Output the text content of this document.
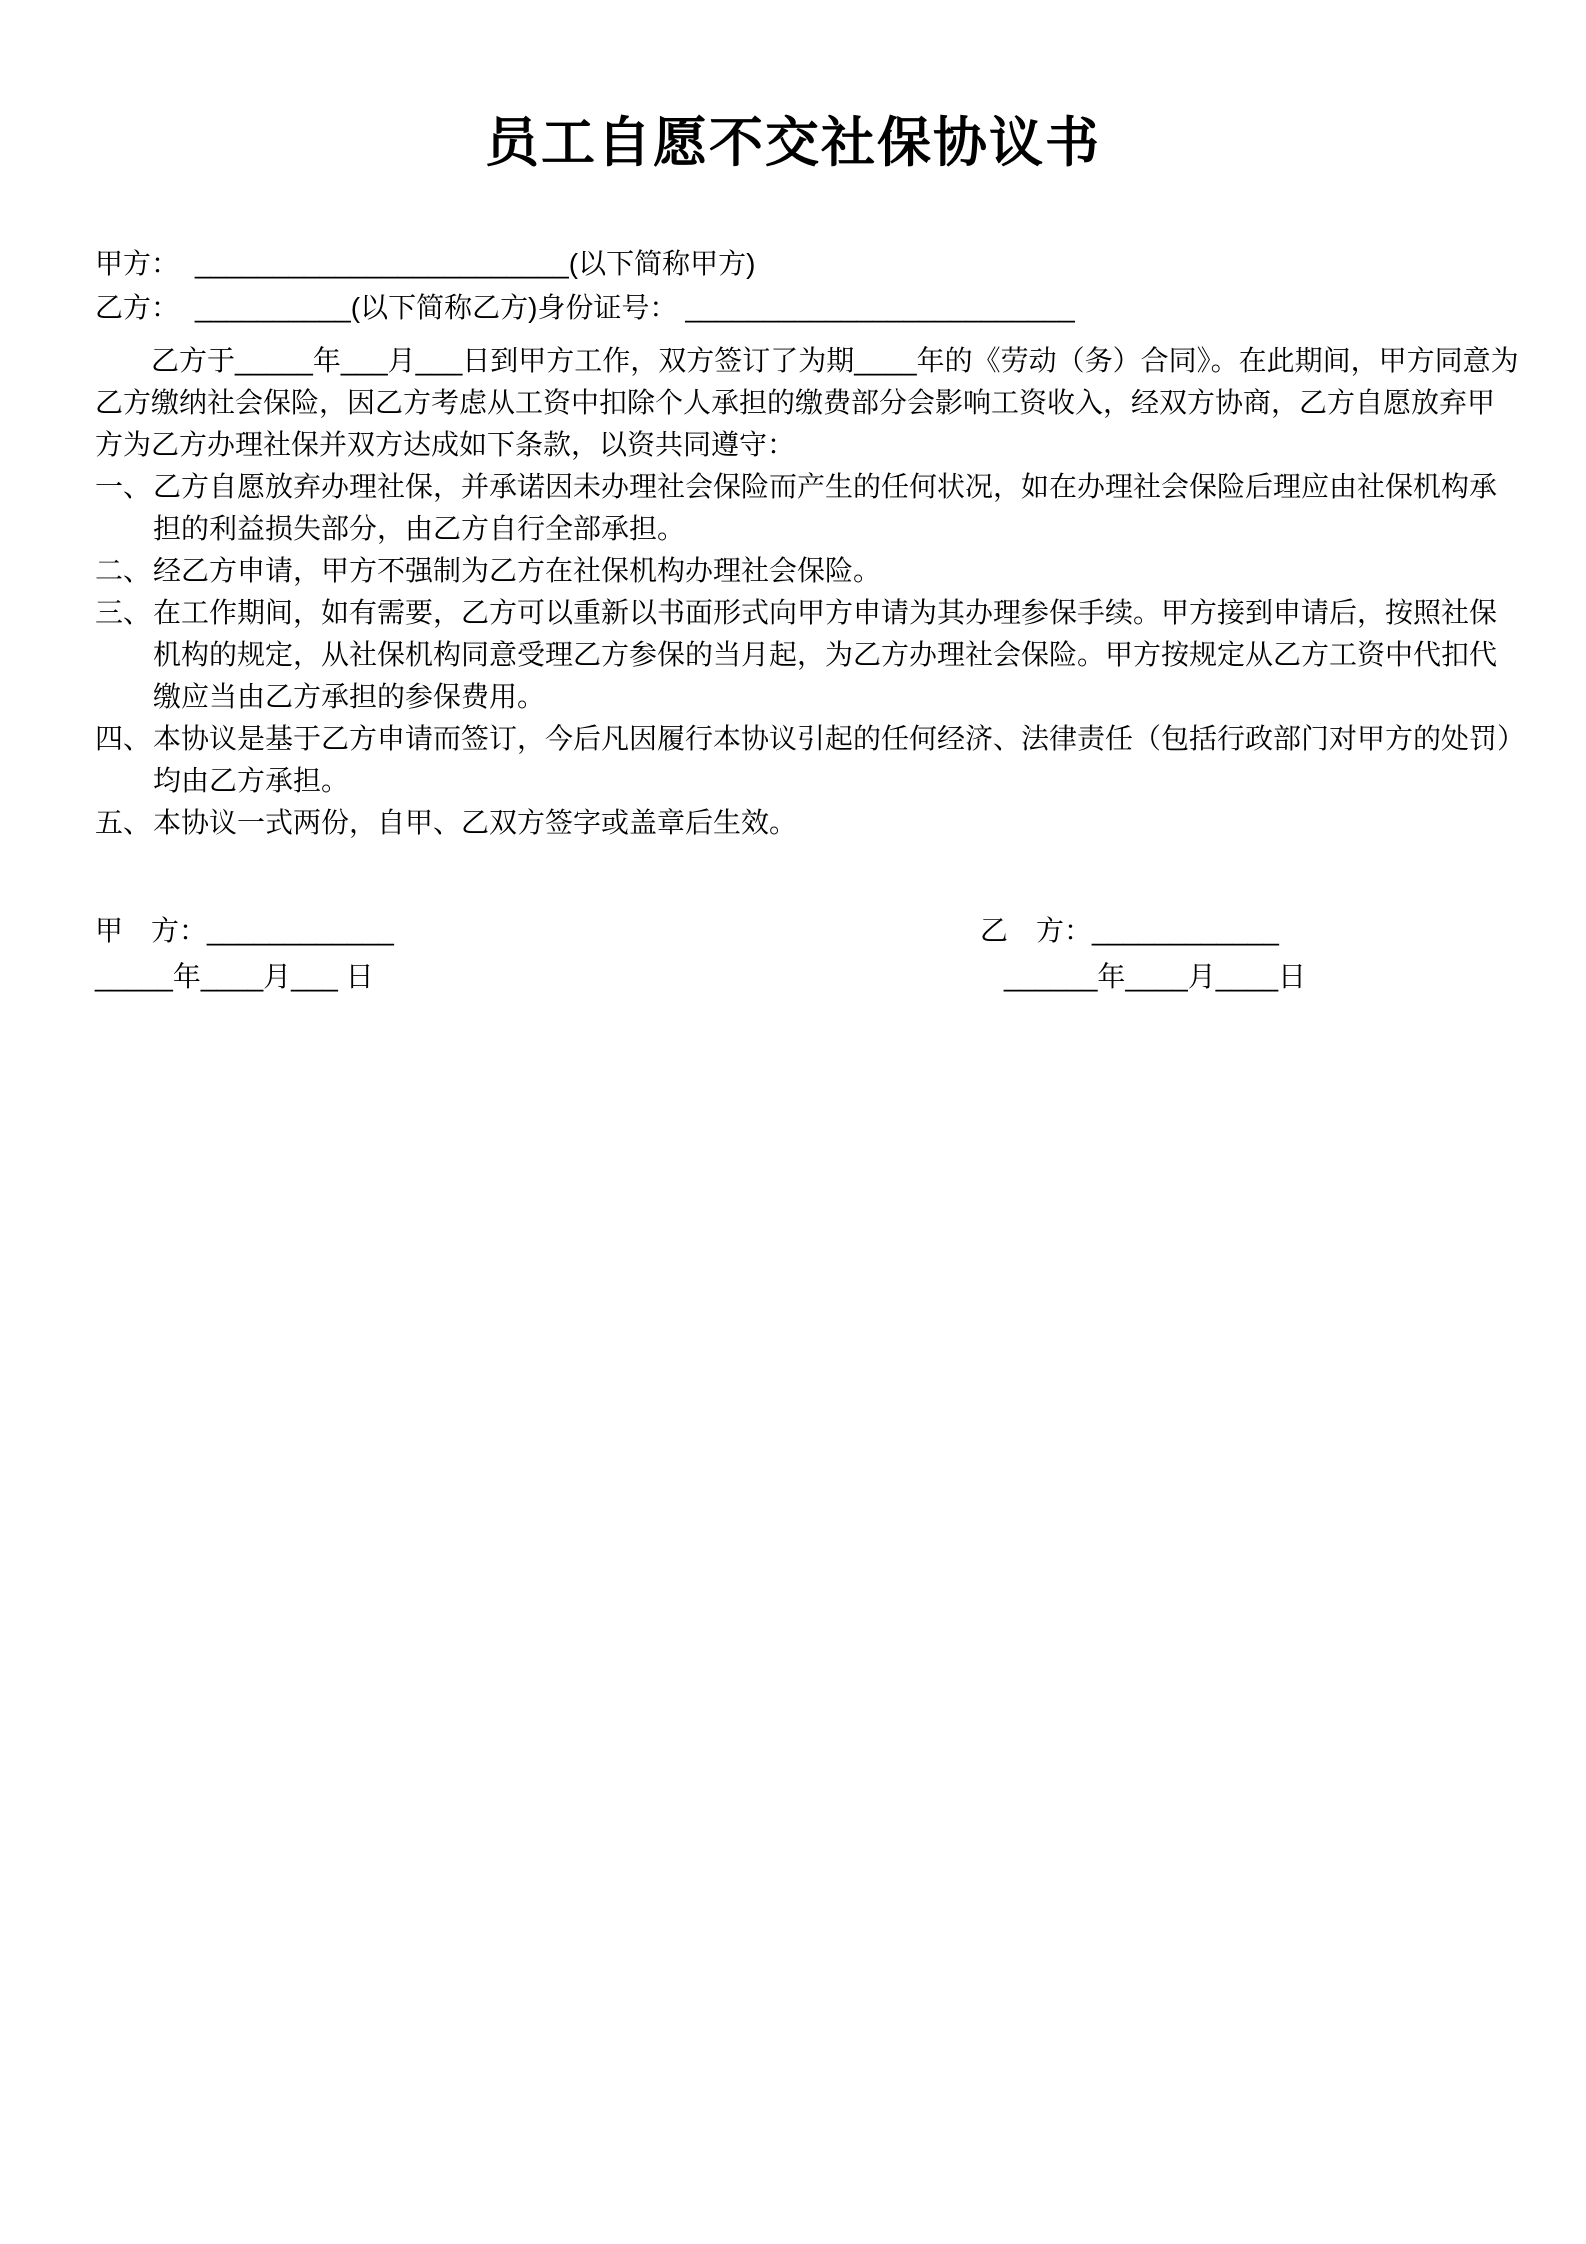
员工自愿不交社保协议书
甲方： ________________________(以下简称甲方)
乙方： __________(以下简称乙方)身份证号： _________________________
乙方于_____年___月___日到甲方工作，双方签订了为期____年的《劳动（务）合同》。在此期间，甲方同意为
乙方缴纳社会保险，因乙方考虑从工资中扣除个人承担的缴费部分会影响工资收入，经双方协商，乙方自愿放弃甲
方为乙方办理社保并双方达成如下条款，以资共同遵守：
一、 乙方自愿放弃办理社保，并承诺因未办理社会保险而产生的任何状况，如在办理社会保险后理应由社保机构承
担的利益损失部分，由乙方自行全部承担。
二、 经乙方申请，甲方不强制为乙方在社保机构办理社会保险。
三、 在工作期间，如有需要，乙方可以重新以书面形式向甲方申请为其办理参保手续。甲方接到申请后，按照社保
机构的规定，从社保机构同意受理乙方参保的当月起，为乙方办理社会保险。甲方按规定从乙方工资中代扣代
缴应当由乙方承担的参保费用。
四、 本协议是基于乙方申请而签订，今后凡因履行本协议引起的任何经济、法律责任（包括行政部门对甲方的处罚）
均由乙方承担。
五、 本协议一式两份，自甲、乙双方签字或盖章后生效。
甲　方：____________
_____年____月___ 日
乙　方：____________
______年____月____日
